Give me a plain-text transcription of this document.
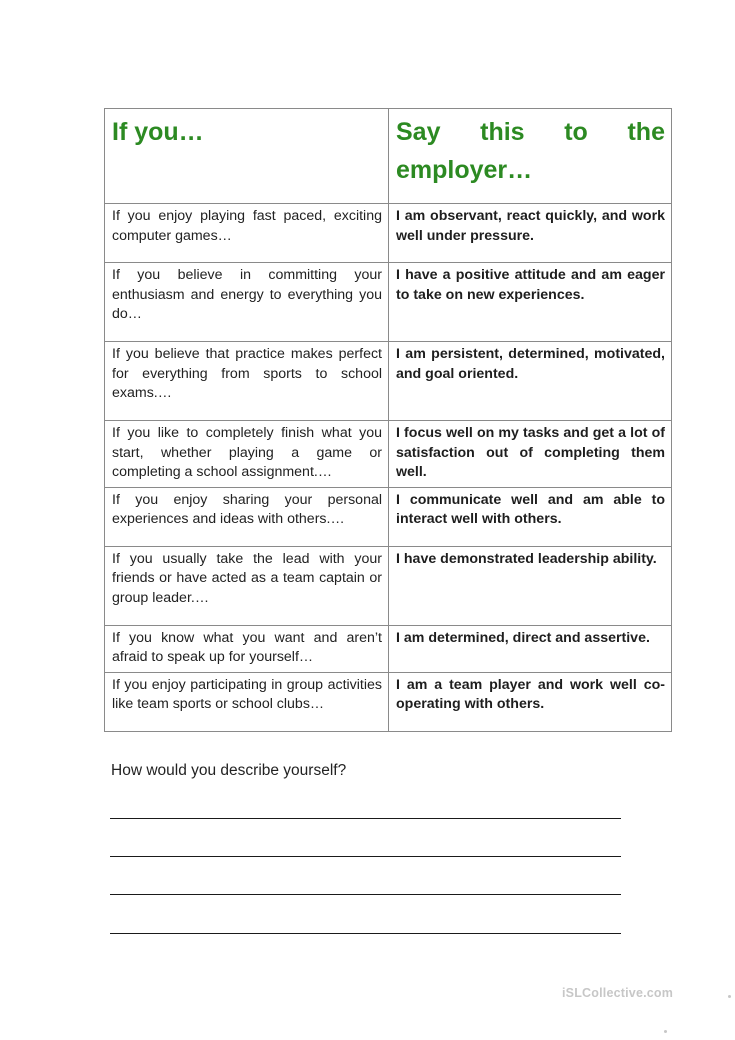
If you…	Say this to the
employer…
If you enjoy playing fast paced, exciting computer games…	I am observant, react quickly, and work well under pressure.
If you believe in committing your enthusiasm and energy to everything you do…	I have a positive attitude and am eager to take on new experiences.
If you believe that practice makes perfect for everything from sports to school exams.…	I am persistent, determined, motivated, and goal oriented.
If you like to completely finish what you start, whether playing a game or completing a school assignment.…	I focus well on my tasks and get a lot of satisfaction out of completing them well.
If you enjoy sharing your personal experiences and ideas with others.…	I communicate well and am able to interact well with others.
If you usually take the lead with your friends or have acted as a team captain or group leader.…	I have demonstrated leadership ability.
If you know what you want and aren’t afraid to speak up for yourself…	I am determined, direct and assertive.
If you enjoy participating in group activities like team sports or school clubs…	I am a team player and work well co-operating with others.

How would you describe yourself?

iSLCollective.com
